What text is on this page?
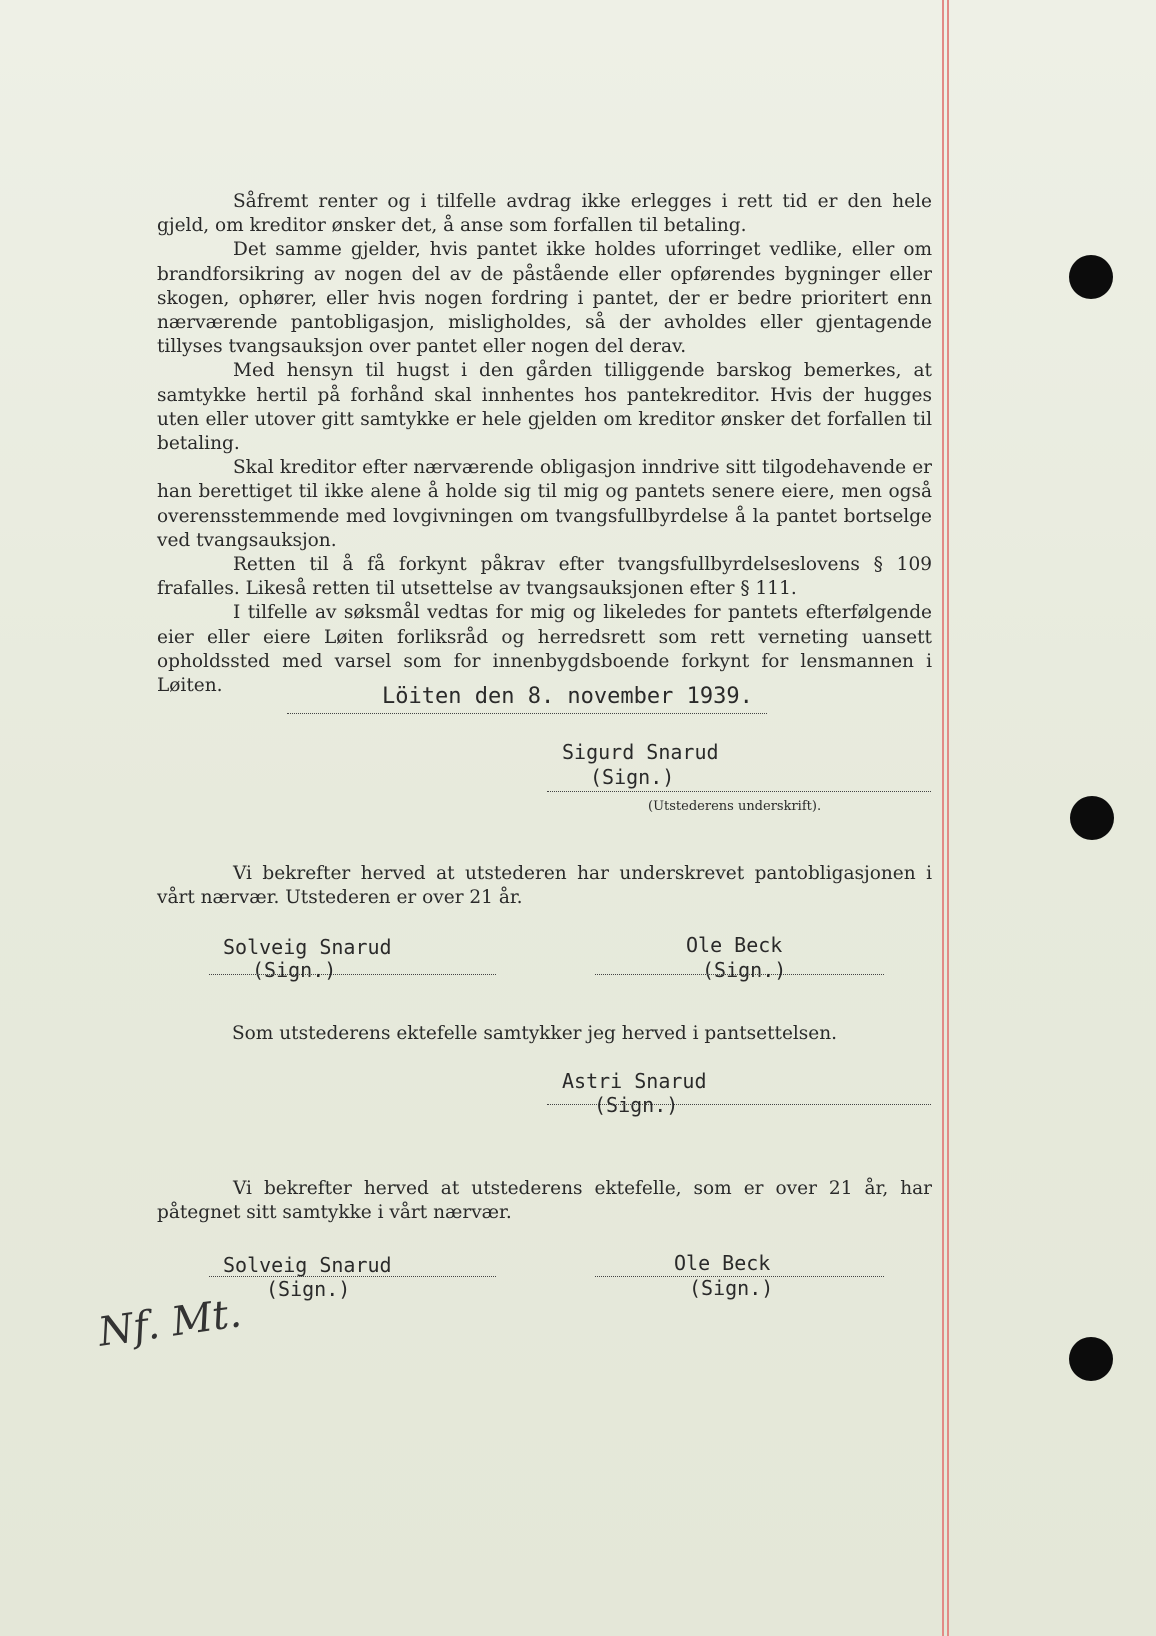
Såfremt renter og i tilfelle avdrag ikke erlegges i rett tid er den hele gjeld, om kreditor ønsker det, å anse som forfallen til betaling.

Det samme gjelder, hvis pantet ikke holdes uforringet vedlike, eller om brandforsikring av nogen del av de påstående eller opførendes bygninger eller skogen, ophører, eller hvis nogen fordring i pantet, der er bedre prioritert enn nærværende pantobligasjon, misligholdes, så der avholdes eller gjentagende tillyses tvangsauksjon over pantet eller nogen del derav.

Med hensyn til hugst i den gården tilliggende barskog bemerkes, at samtykke hertil på forhånd skal innhentes hos pantekreditor. Hvis der hugges uten eller utover gitt samtykke er hele gjelden om kreditor ønsker det forfallen til betaling.

Skal kreditor efter nærværende obligasjon inndrive sitt tilgodehavende er han berettiget til ikke alene å holde sig til mig og pantets senere eiere, men også overensstemmende med lovgivningen om tvangsfullbyrdelse å la pantet bortselge ved tvangsauksjon.

Retten til å få forkynt påkrav efter tvangsfullbyrdelseslovens § 109 frafalles. Likeså retten til utsettelse av tvangsauksjonen efter § 111.

I tilfelle av søksmål vedtas for mig og likeledes for pantets efterfølgende eier eller eiere Løiten forliksråd og herredsrett som rett verneting uansett opholdssted med varsel som for innenbygdsboende forkynt for lensmannen i Løiten.	Löiten den 8. november 1939.
Sigurd Snarud
(Sign.)
(Utstederens underskrift).

Vi bekrefter herved at utstederen har underskrevet pantobligasjonen i vårt nærvær. Utstederen er over 21 år.

Solveig Snarud
(Sign.)
Ole Beck
(Sign.)
Som utstederens ektefelle samtykker jeg herved i pantsettelsen.
Astri Snarud
(Sign.)

Vi bekrefter herved at utstederens ektefelle, som er over 21 år, har påtegnet sitt samtykke i vårt nærvær.

Solveig Snarud
(Sign.)
Ole Beck
(Sign.)
Nf. Mt.
